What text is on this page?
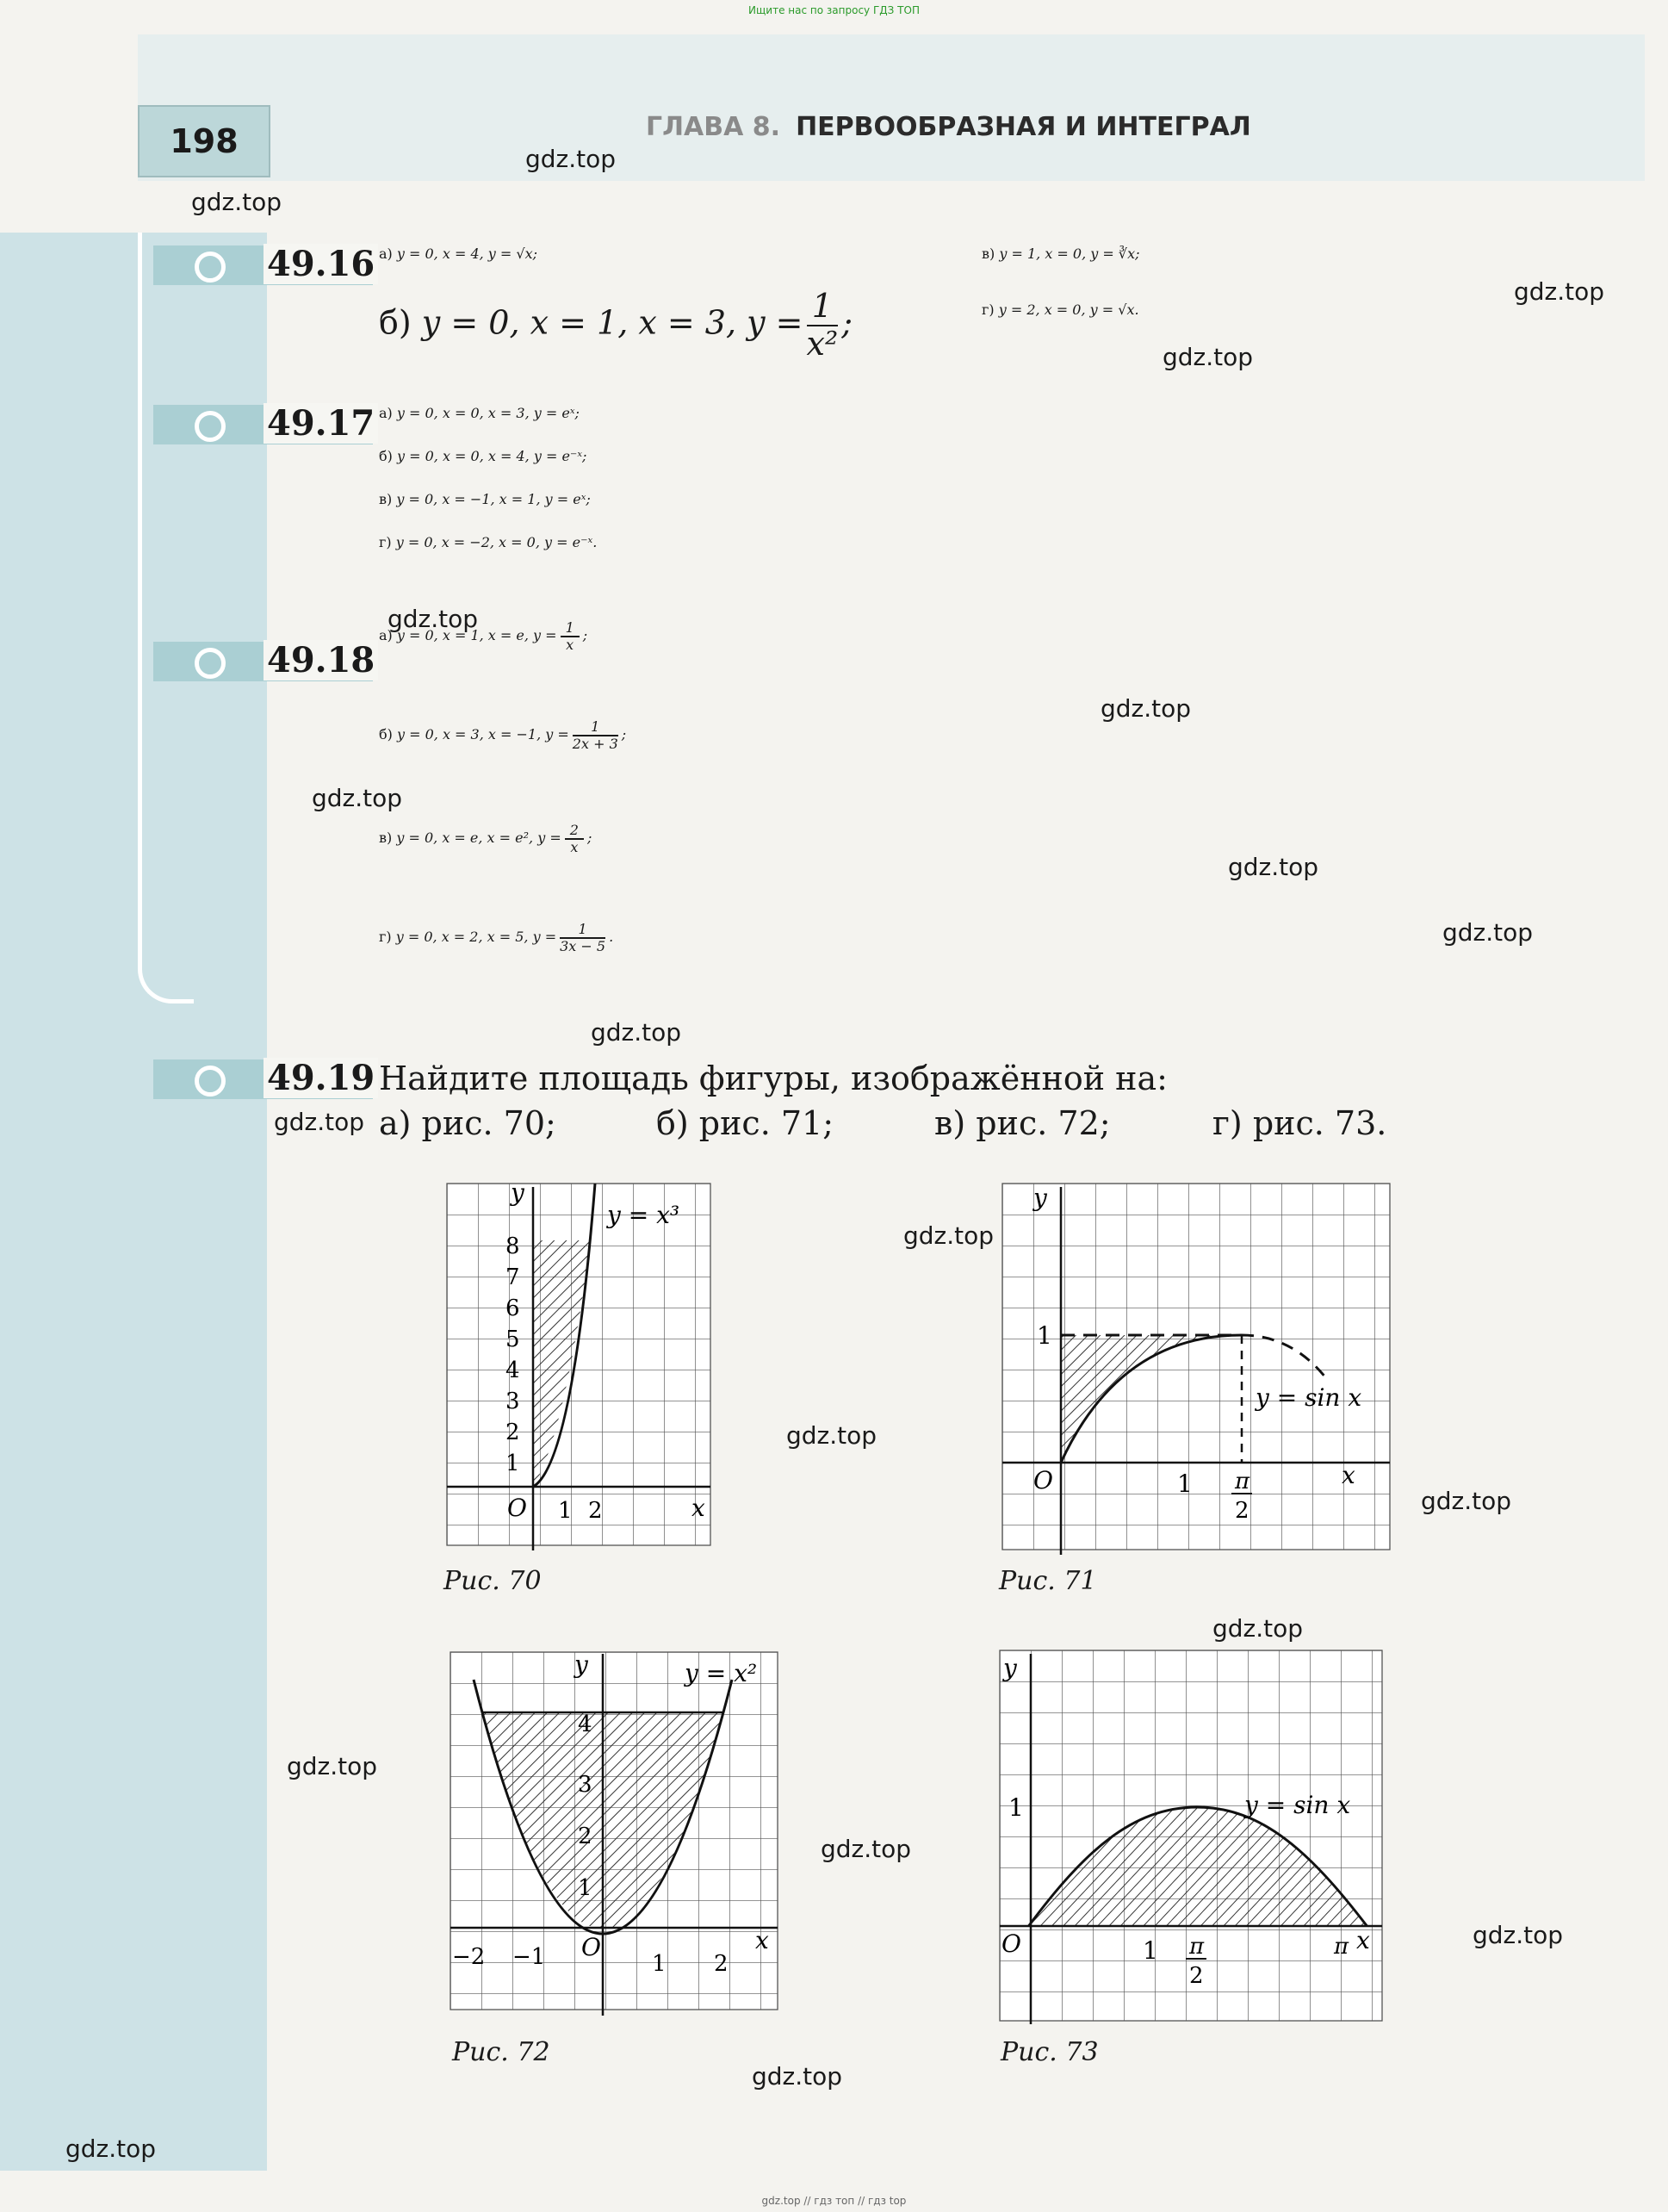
Ищите нас по запросу ГДЗ ТОП
198	ГЛАВА 8. ПЕРВООБРАЗНАЯ И ИНТЕГРАЛ
49.16 а) y = 0, x = 4, y = √x;	в) y = 1, x = 0, y = ∛x;
б) y = 0, x = 1, x = 3, $y = \frac{1}{\text{x²}}$ ;	г) y = 2, x = 0, y = √x.
49.17 а) y = 0, x = 0, x = 3, y = eˣ;
б) y = 0, x = 0, x = 4, y = e⁻ˣ;
в) y = 0, x = −1, x = 1, y = eˣ;
г) y = 0, x = −2, x = 0, y = e⁻ˣ.
49.18
а) y = 0, x = 1, x = e, $y = \frac{1}{x}$ ;
б) y = 0, x = 3, x = −1, $y = \frac{1}{2x + 3}$ ;
в) y = 0, x = e, x = e², $y = \frac{2}{x}$ ;
г) y = 0, x = 2, x = 5, $y = \frac{1}{3x - 5}$ .
49.19 Найдите площадь фигуры, изображённой на:
а) рис. 70;	б) рис. 71;	в) рис. 72;	г) рис. 73.
y
x
O
y = x³
1
2
3
4
5
6
7
8
1 2
Рис. 70
y
x
O
y = sin x
1
1 π
2
Рис. 71
y
x
O
y = x²
1
2
3
4
−2 −1	1 2
Рис. 72
y
x
O
y = sin x
1
1 π
2
π
Рис. 73
gdz.top
gdz.top
gdz.top
gdz.top
gdz.top
gdz.top
gdz.top
gdz.top
gdz.top
gdz.top
gdz.top
gdz.top
gdz.top
gdz.top
gdz.top
gdz.top
gdz.top
gdz.top
gdz.top
gdz.top
gdz.top // гдз топ // гдз top
